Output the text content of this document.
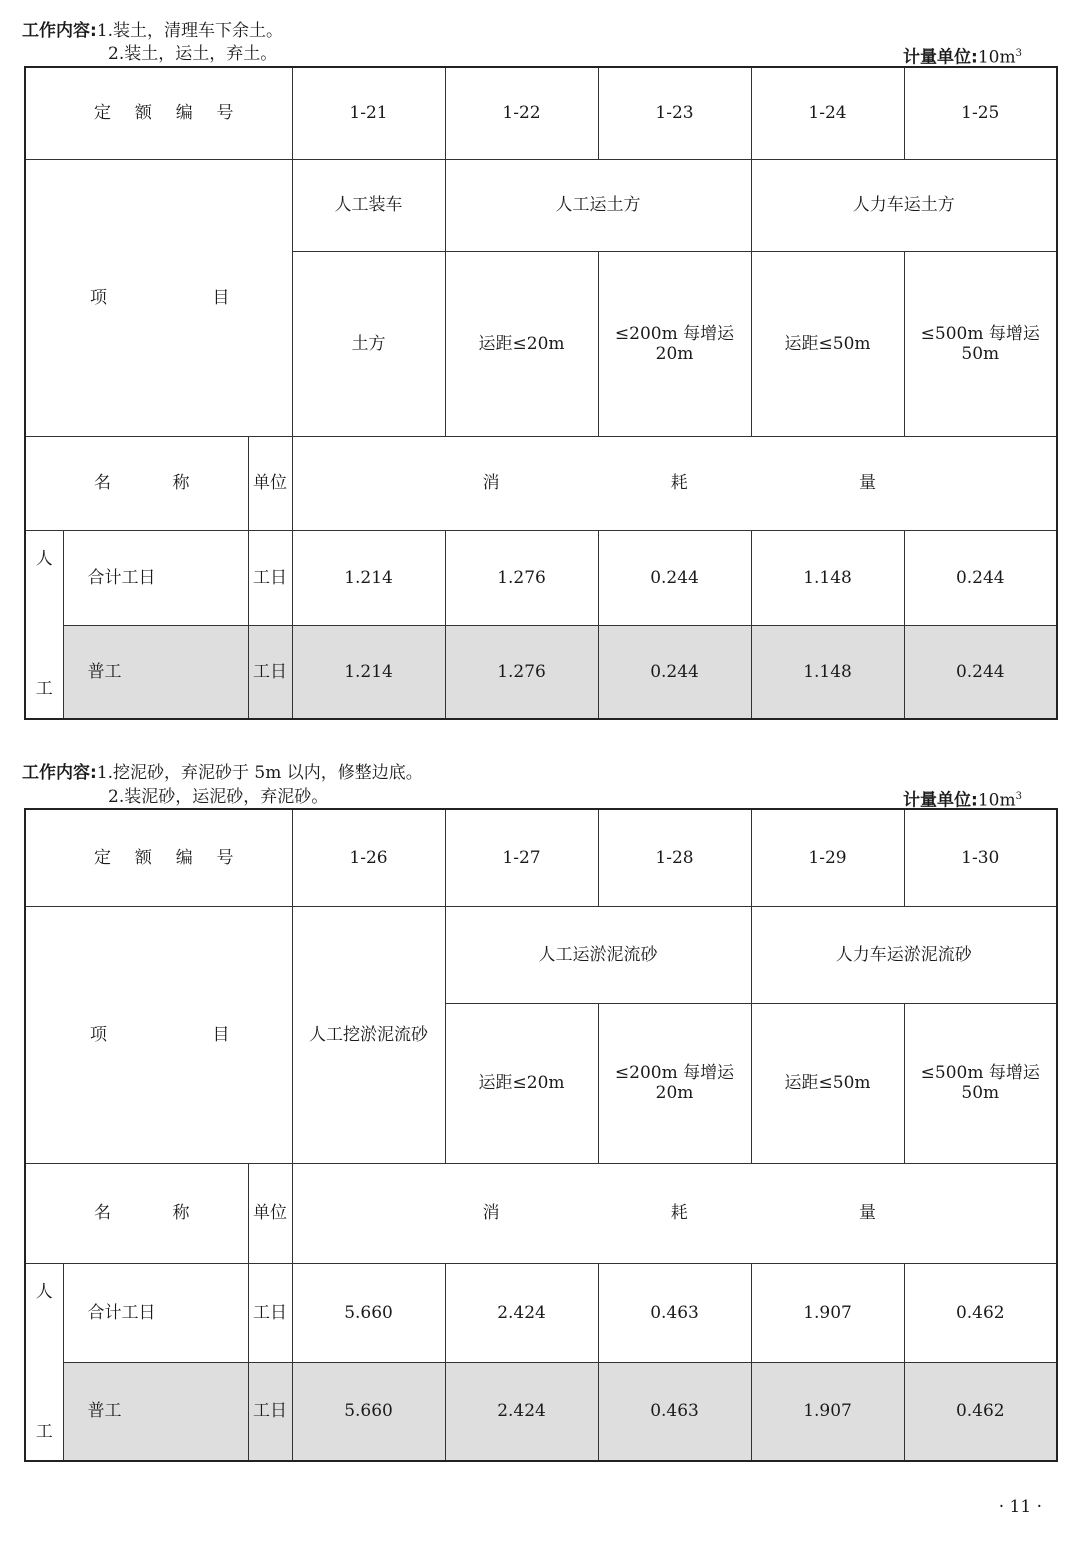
工作内容:1.装土，清理车下余土。
2.装土，运土，弃土。	计量单位$:10m^3$
定 额 编 号			1-21	1-22	1-23	1-24	1-25

项 目			人工装车	人工运土方		人力车运土方	
			土方	运距≤20m	≤200m 每增运 20m	运距≤50m	≤500m 每增运 50m

名 称		单位	消 耗 量				

人
工	合计工日	工日	1.214	1.276	0.244	1.148	0.244
	普工	工日	1.214	1.276	0.244	1.148	0.244
工作内容:1.挖泥砂，弃泥砂于 5m 以内，修整边底。
2.装泥砂，运泥砂，弃泥砂。	计量单位$:10m^3$
定 额 编 号			1-26	1-27	1-28	1-29	1-30

项 目			人工挖淤泥流砂	人工运淤泥流砂		人力车运淤泥流砂	
				运距≤20m	≤200m 每增运 20m	运距≤50m	≤500m 每增运 50m

名 称		单位	消 耗 量				

人
工	合计工日	工日	5.660	2.424	0.463	1.907	0.462
	普工	工日	5.660	2.424	0.463	1.907	0.462
· 11 ·
